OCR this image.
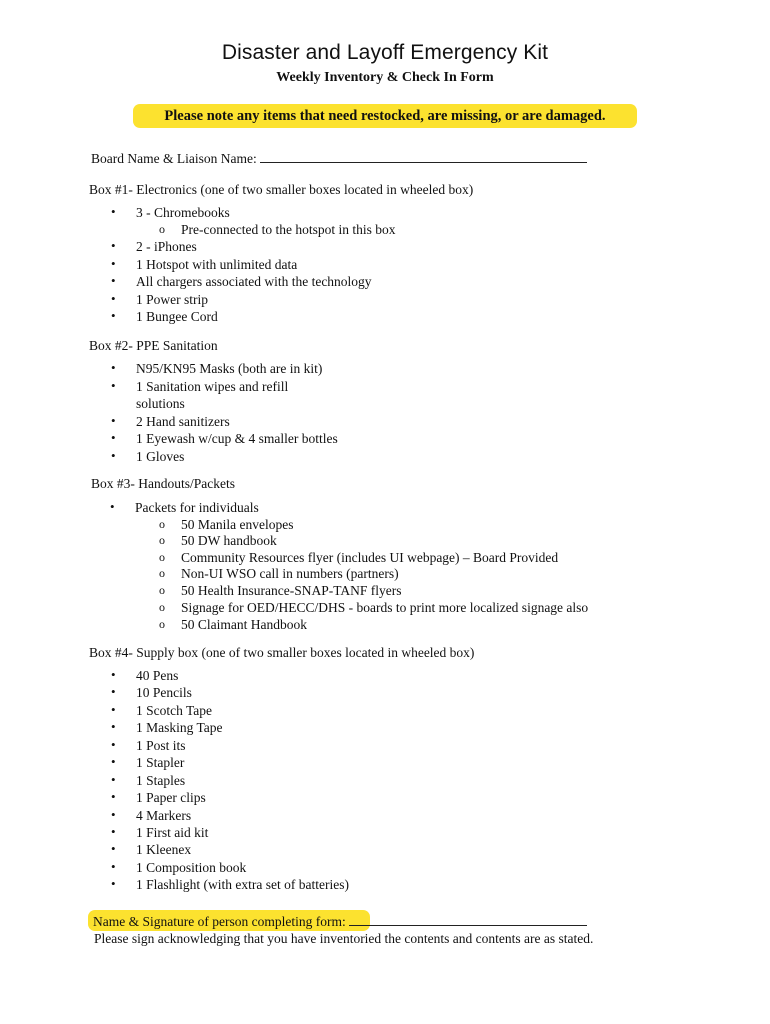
Disaster and Layoff Emergency Kit
Weekly Inventory & Check In Form
Please note any items that need restocked, are missing, or are damaged.
Board Name & Liaison Name:
Box #1- Electronics (one of two smaller boxes located in wheeled box)
• 3 - Chromebooks
o Pre-connected to the hotspot in this box
• 2 - iPhones
• 1 Hotspot with unlimited data
• All chargers associated with the technology
• 1 Power strip
• 1 Bungee Cord
Box #2- PPE Sanitation
• N95/KN95 Masks (both are in kit)
• 1 Sanitation wipes and refill
solutions
• 2 Hand sanitizers
• 1 Eyewash w/cup & 4 smaller bottles
• 1 Gloves
Box #3- Handouts/Packets
• Packets for individuals
o 50 Manila envelopes
o 50 DW handbook
o Community Resources flyer (includes UI webpage) – Board Provided
o Non-UI WSO call in numbers (partners)
o 50 Health Insurance-SNAP-TANF flyers
o Signage for OED/HECC/DHS - boards to print more localized signage also
o 50 Claimant Handbook
Box #4- Supply box (one of two smaller boxes located in wheeled box)
• 40 Pens
• 10 Pencils
• 1 Scotch Tape
• 1 Masking Tape
• 1 Post its
• 1 Stapler
• 1 Staples
• 1 Paper clips
• 4 Markers
• 1 First aid kit
• 1 Kleenex
• 1 Composition book
• 1 Flashlight (with extra set of batteries)
Name & Signature of person completing form:
Please sign acknowledging that you have inventoried the contents and contents are as stated.
